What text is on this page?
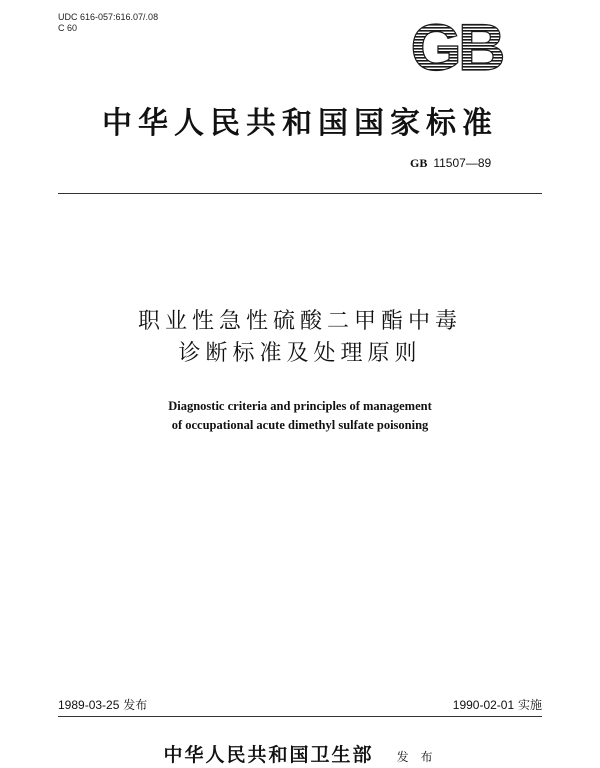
UDC 616-057:616.07/.08
C 60	GB
中华人民共和国国家标准
GB 11507—89
职业性急性硫酸二甲酯中毒
诊断标准及处理原则
Diagnostic criteria and principles of management
of occupational acute dimethyl sulfate poisoning
1989-03-25 发布	1990-02-01 实施
中华人民共和国卫生部 发 布
